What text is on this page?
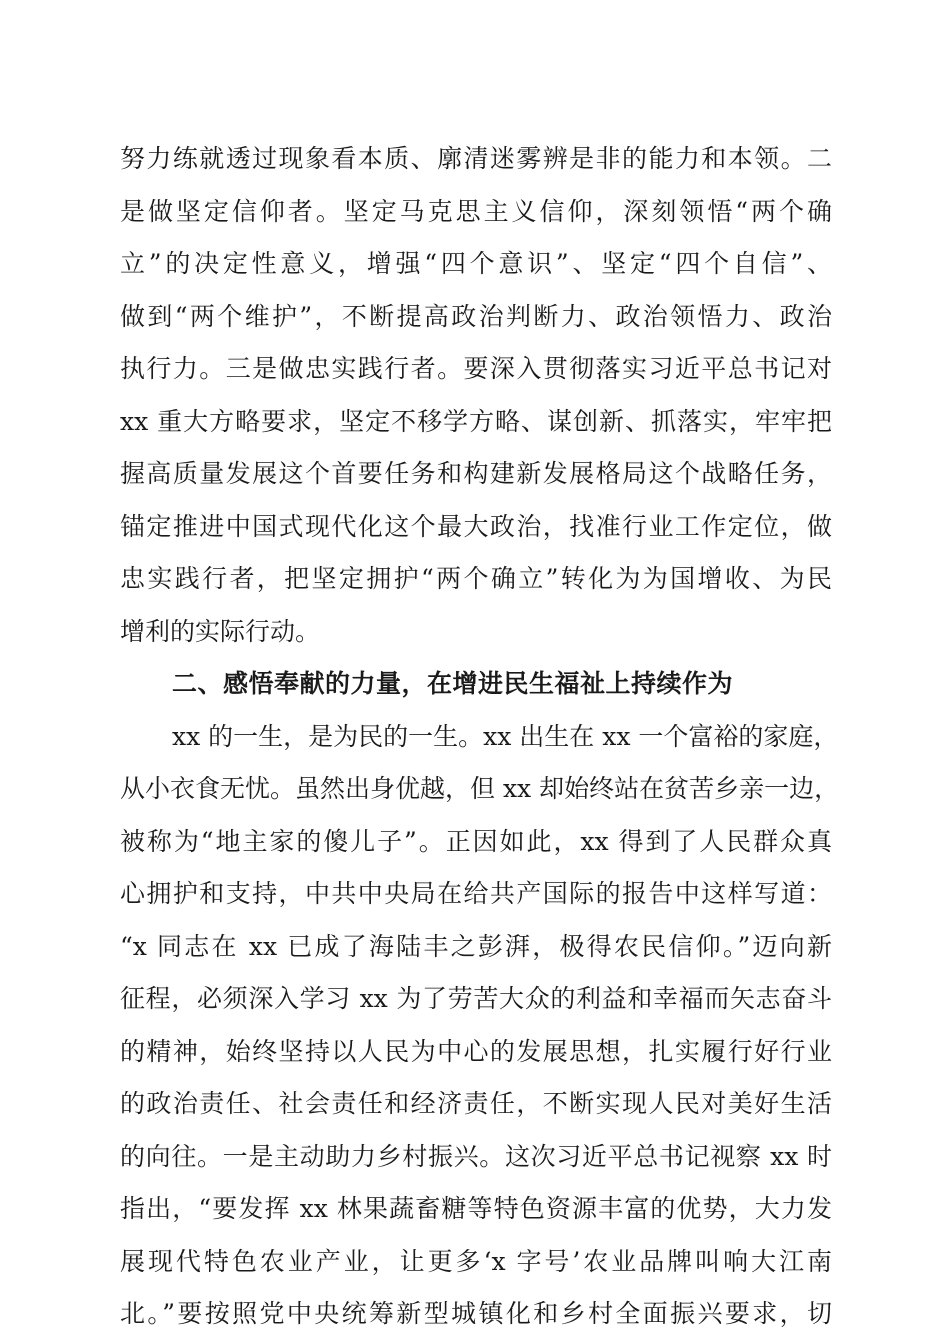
努力练就透过现象看本质、廓清迷雾辨是非的能力和本领。二
是做坚定信仰者。坚定马克思主义信仰，深刻领悟“两个确
立”的决定性意义，增强“四个意识”、坚定“四个自信”、
做到“两个维护”，不断提高政治判断力、政治领悟力、政治
执行力。三是做忠实践行者。要深入贯彻落实习近平总书记对
xx 重大方略要求，坚定不移学方略、谋创新、抓落实，牢牢把
握高质量发展这个首要任务和构建新发展格局这个战略任务，
锚定推进中国式现代化这个最大政治，找准行业工作定位，做
忠实践行者，把坚定拥护“两个确立”转化为为国增收、为民
增利的实际行动。
二、感悟奉献的力量，在增进民生福祉上持续作为
xx 的一生，是为民的一生。xx 出生在 xx 一个富裕的家庭，
从小衣食无忧。虽然出身优越，但 xx 却始终站在贫苦乡亲一边，
被称为“地主家的傻儿子”。正因如此，xx 得到了人民群众真
心拥护和支持，中共中央局在给共产国际的报告中这样写道：
“x 同志在 xx 已成了海陆丰之彭湃，极得农民信仰。”迈向新
征程，必须深入学习 xx 为了劳苦大众的利益和幸福而矢志奋斗
的精神，始终坚持以人民为中心的发展思想，扎实履行好行业
的政治责任、社会责任和经济责任，不断实现人民对美好生活
的向往。一是主动助力乡村振兴。这次习近平总书记视察 xx 时
指出，“要发挥 xx 林果蔬畜糖等特色资源丰富的优势，大力发
展现代特色农业产业，让更多‘x 字号’农业品牌叫响大江南
北。”要按照党中央统筹新型城镇化和乡村全面振兴要求，切
